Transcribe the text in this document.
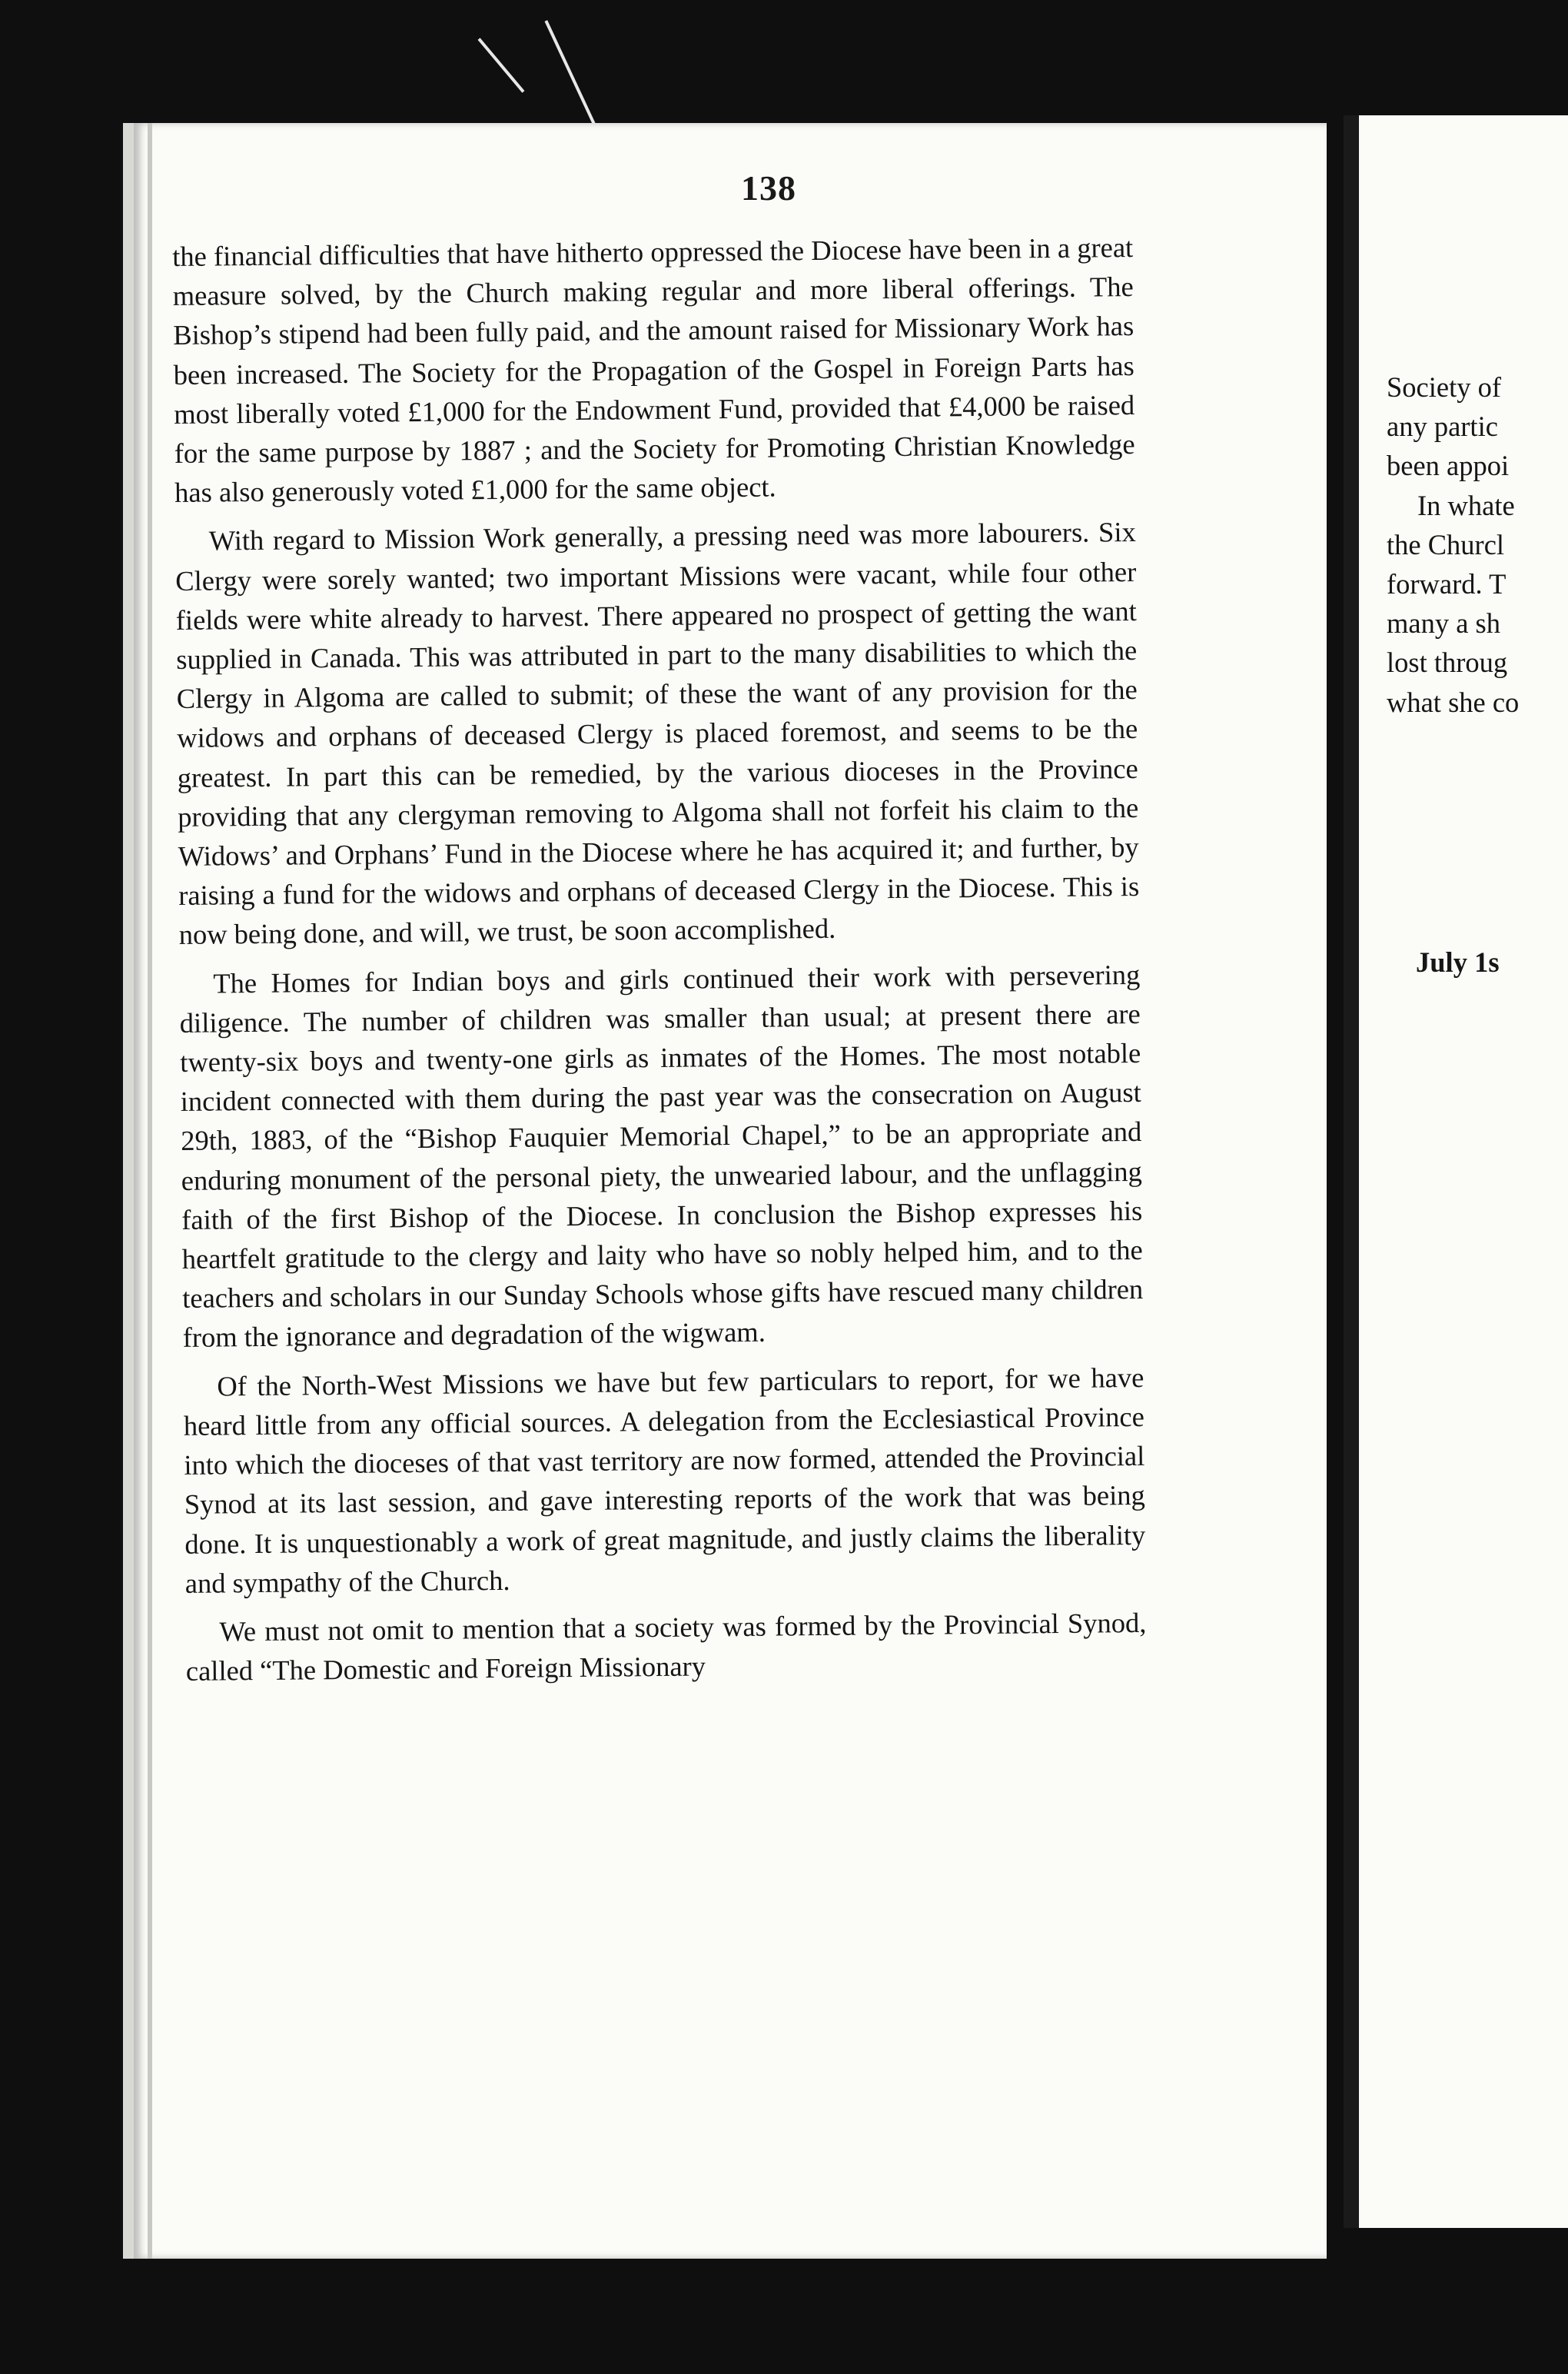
138

the financial difficulties that have hitherto oppressed the Diocese have been in a great measure solved, by the Church making regular and more liberal offerings. The Bishop’s stipend had been fully paid, and the amount raised for Missionary Work has been increased. The Society for the Propagation of the Gospel in Foreign Parts has most liberally voted £1,000 for the Endowment Fund, provided that £4,000 be raised for the same purpose by 1887 ; and the Society for Promoting Christian Knowledge has also generously voted £1,000 for the same object.

With regard to Mission Work generally, a pressing need was more labourers. Six Clergy were sorely wanted; two important Missions were vacant, while four other fields were white already to harvest. There appeared no prospect of getting the want supplied in Canada. This was attributed in part to the many disabilities to which the Clergy in Algoma are called to submit; of these the want of any provision for the widows and orphans of deceased Clergy is placed foremost, and seems to be the greatest. In part this can be remedied, by the various dioceses in the Province providing that any clergyman removing to Algoma shall not forfeit his claim to the Widows’ and Orphans’ Fund in the Diocese where he has acquired it; and further, by raising a fund for the widows and orphans of deceased Clergy in the Diocese. This is now being done, and will, we trust, be soon accomplished.

The Homes for Indian boys and girls continued their work with persevering diligence. The number of children was smaller than usual; at present there are twenty-six boys and twenty-one girls as inmates of the Homes. The most notable incident connected with them during the past year was the consecration on August 29th, 1883, of the “Bishop Fauquier Memorial Chapel,” to be an appropriate and enduring monument of the personal piety, the unwearied labour, and the unflagging faith of the first Bishop of the Diocese. In conclusion the Bishop expresses his heartfelt gratitude to the clergy and laity who have so nobly helped him, and to the teachers and scholars in our Sunday Schools whose gifts have rescued many children from the ignorance and degradation of the wigwam.

Of the North-West Missions we have but few particulars to report, for we have heard little from any official sources. A delegation from the Ecclesiastical Province into which the dioceses of that vast territory are now formed, attended the Provincial Synod at its last session, and gave interesting reports of the work that was being done. It is unquestionably a work of great magnitude, and justly claims the liberality and sympathy of the Church.

We must not omit to mention that a society was formed by the Provincial Synod, called “The Domestic and Foreign Missionary

Society of
any partic
been appoi
In whate
the Churcl
forward. T
many a sh
lost throug
what she co
July 1s
